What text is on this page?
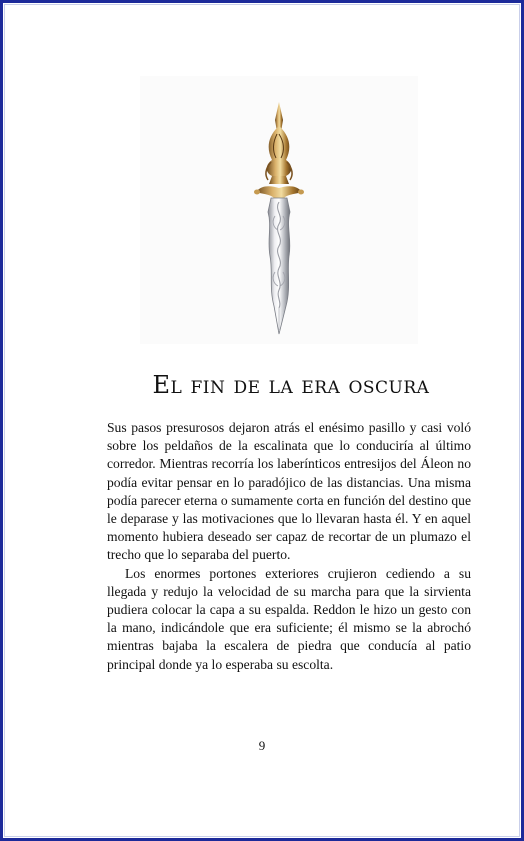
El fin de la era oscura

Sus pasos presurosos dejaron atrás el enésimo pasillo y casi voló sobre los peldaños de la escalinata que lo conduciría al último corredor. Mientras recorría los laberínticos entresijos del Áleon no podía evitar pensar en lo paradójico de las distancias. Una misma podía parecer eterna o sumamente corta en función del destino que le deparase y las motivaciones que lo llevaran hasta él. Y en aquel momento hubiera deseado ser capaz de recortar de un plumazo el trecho que lo separaba del puerto.

Los enormes portones exteriores crujieron cediendo a su llegada y redujo la velocidad de su marcha para que la sirvienta pudiera colocar la capa a su espalda. Reddon le hizo un gesto con la mano, indicándole que era suficiente; él mismo se la abrochó mientras bajaba la escalera de piedra que conducía al patio principal donde ya lo esperaba su escolta.

9
